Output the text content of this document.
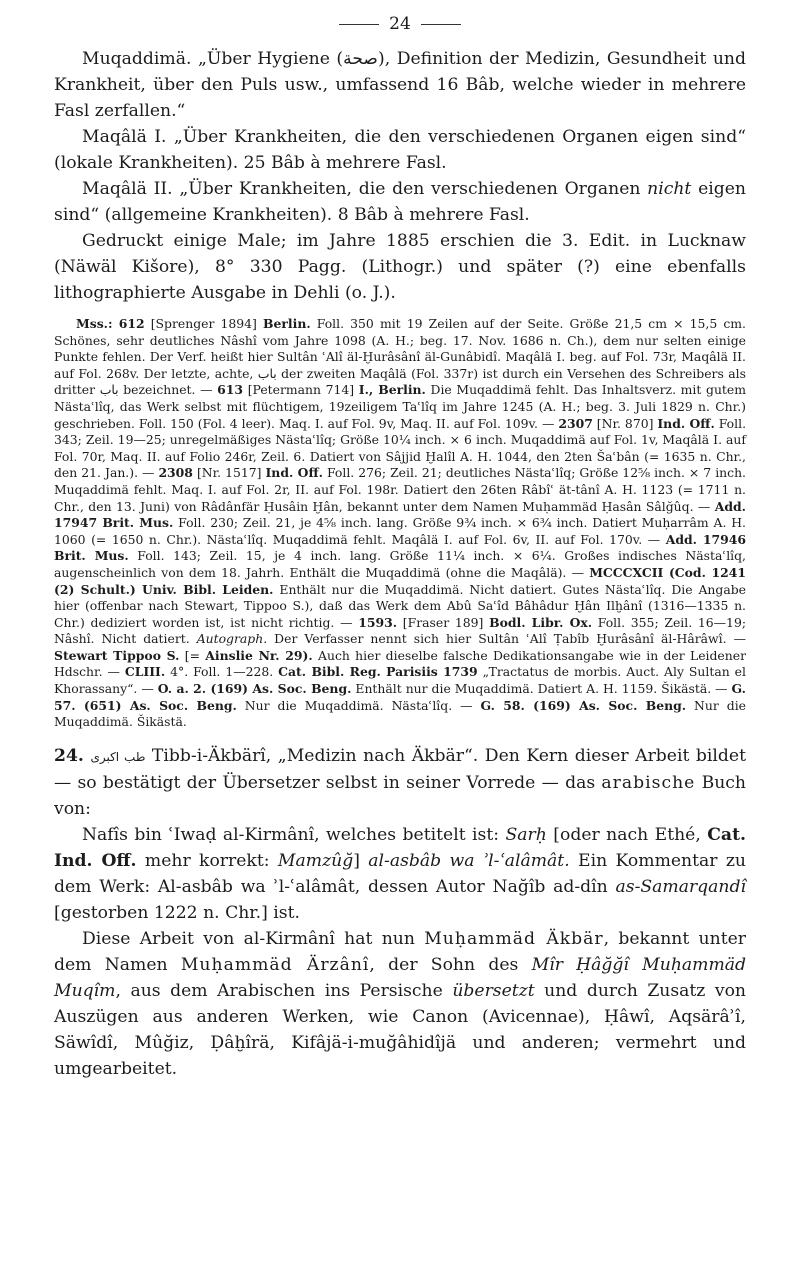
24

Muqaddimä. „Über Hygiene (صحة), Definition der Medizin, Gesundheit und Krankheit, über den Puls usw., umfassend 16 Bâb, welche wieder in mehrere Fasl zerfallen.“

Maqâlä I. „Über Krankheiten, die den verschiedenen Organen eigen sind“ (lokale Krankheiten). 25 Bâb à mehrere Fasl.

Maqâlä II. „Über Krankheiten, die den verschiedenen Organen nicht eigen sind“ (allgemeine Krankheiten). 8 Bâb à mehrere Fasl.

Gedruckt einige Male; im Jahre 1885 erschien die 3. Edit. in Lucknaw (Näwäl Kišore), 8° 330 Pagg. (Lithogr.) und später (?) eine ebenfalls lithographierte Ausgabe in Dehli (o. J.).

Mss.: 612 [Sprenger 1894] Berlin. Foll. 350 mit 19 Zeilen auf der Seite. Größe 21,5 cm × 15,5 cm. Schönes, sehr deutliches Nâshî vom Jahre 1098 (A. H.; beg. 17. Nov. 1686 n. Ch.), dem nur selten einige Punkte fehlen. Der Verf. heißt hier Sultân ʿAlî äl-Ḫurâsânî äl-Gunâbidî. Maqâlä I. beg. auf Fol. 73r, Maqâlä II. auf Fol. 268v. Der letzte, achte, باب der zweiten Maqâlä (Fol. 337r) ist durch ein Versehen des Schreibers als dritter باب bezeichnet. — 613 [Petermann 714] I., Berlin. Die Muqaddimä fehlt. Das Inhaltsverz. mit gutem Nästaʿlîq, das Werk selbst mit flüchtigem, 19zeiligem Taʿlîq im Jahre 1245 (A. H.; beg. 3. Juli 1829 n. Chr.) geschrieben. Foll. 150 (Fol. 4 leer). Maq. I. auf Fol. 9v, Maq. II. auf Fol. 109v. — 2307 [Nr. 870] Ind. Off. Foll. 343; Zeil. 19—25; unregelmäßiges Nästaʿlîq; Größe 10¼ inch. × 6 inch. Muqaddimä auf Fol. 1v, Maqâlä I. auf Fol. 70r, Maq. II. auf Folio 246r, Zeil. 6. Datiert von Sâjjid Ḫalîl A. H. 1044, den 2ten Šaʿbân (= 1635 n. Chr., den 21. Jan.). — 2308 [Nr. 1517] Ind. Off. Foll. 276; Zeil. 21; deutliches Nästaʿlîq; Größe 12⅝ inch. × 7 inch. Muqaddimä fehlt. Maq. I. auf Fol. 2r, II. auf Fol. 198r. Datiert den 26ten Râbîʿ ät-tânî A. H. 1123 (= 1711 n. Chr., den 13. Juni) von Râdânfär Ḥusâin Ḫân, bekannt unter dem Namen Muḥammäd Ḥasân Sâlğûq. — Add. 17947 Brit. Mus. Foll. 230; Zeil. 21, je 4⅝ inch. lang. Größe 9¾ inch. × 6¾ inch. Datiert Muḥarrâm A. H. 1060 (= 1650 n. Chr.). Nästaʿlîq. Muqaddimä fehlt. Maqâlä I. auf Fol. 6v, II. auf Fol. 170v. — Add. 17946 Brit. Mus. Foll. 143; Zeil. 15, je 4 inch. lang. Größe 11¼ inch. × 6¼. Großes indisches Nästaʿlîq, augenscheinlich von dem 18. Jahrh. Enthält die Muqaddimä (ohne die Maqâlä). — MCCCXCII (Cod. 1241 (2) Schult.) Univ. Bibl. Leiden. Enthält nur die Muqaddimä. Nicht datiert. Gutes Nästaʿlîq. Die Angabe hier (offenbar nach Stewart, Tippoo S.), daß das Werk dem Abû Saʿîd Bâhâdur Ḫân Ilḫânî (1316—1335 n. Chr.) dediziert worden ist, ist nicht richtig. — 1593. [Fraser 189] Bodl. Libr. Ox. Foll. 355; Zeil. 16—19; Nâshî. Nicht datiert. Autograph. Der Verfasser nennt sich hier Sultân ʿAlî Ṭabîb Ḫurâsânî äl-Hârâwî. — Stewart Tippoo S. [= Ainslie Nr. 29). Auch hier dieselbe falsche Dedikationsangabe wie in der Leidener Hdschr. — CLIII. 4°. Foll. 1—228. Cat. Bibl. Reg. Parisiis 1739 „Tractatus de morbis. Auct. Aly Sultan el Khorassany“. — O. a. 2. (169) As. Soc. Beng. Enthält nur die Muqaddimä. Datiert A. H. 1159. Šikästä. — G. 57. (651) As. Soc. Beng. Nur die Muqaddimä. Nästaʿlîq. — G. 58. (169) As. Soc. Beng. Nur die Muqaddimä. Šikästä.

24. طب اكبرى Tibb-i-Äkbärî, „Medizin nach Äkbär“. Den Kern dieser Arbeit bildet — so bestätigt der Übersetzer selbst in seiner Vorrede — das arabische Buch von:

Nafîs bin ʿIwaḍ al-Kirmânî, welches betitelt ist: Sarḥ [oder nach Ethé, Cat. Ind. Off. mehr korrekt: Mamzûğ] al-asbâb wa ʾl-ʿalâmât. Ein Kommentar zu dem Werk: Al-asbâb wa ʾl-ʿalâmât, dessen Autor Nağîb ad-dîn as-Samarqandî [gestorben 1222 n. Chr.] ist.

Diese Arbeit von al-Kirmânî hat nun Muḥammäd Äkbär, bekannt unter dem Namen Muḥammäd Ärzânî, der Sohn des Mîr Ḥâğğî Muḥammäd Muqîm, aus dem Arabischen ins Persische übersetzt und durch Zusatz von Auszügen aus anderen Werken, wie Canon (Avicennae), Ḥâwî, Aqsärâʾî, Säwîdî, Mûğiz, Ḍâḫîrä, Kifâjä-i-muğâhidîjä und anderen; vermehrt und umgearbeitet.
